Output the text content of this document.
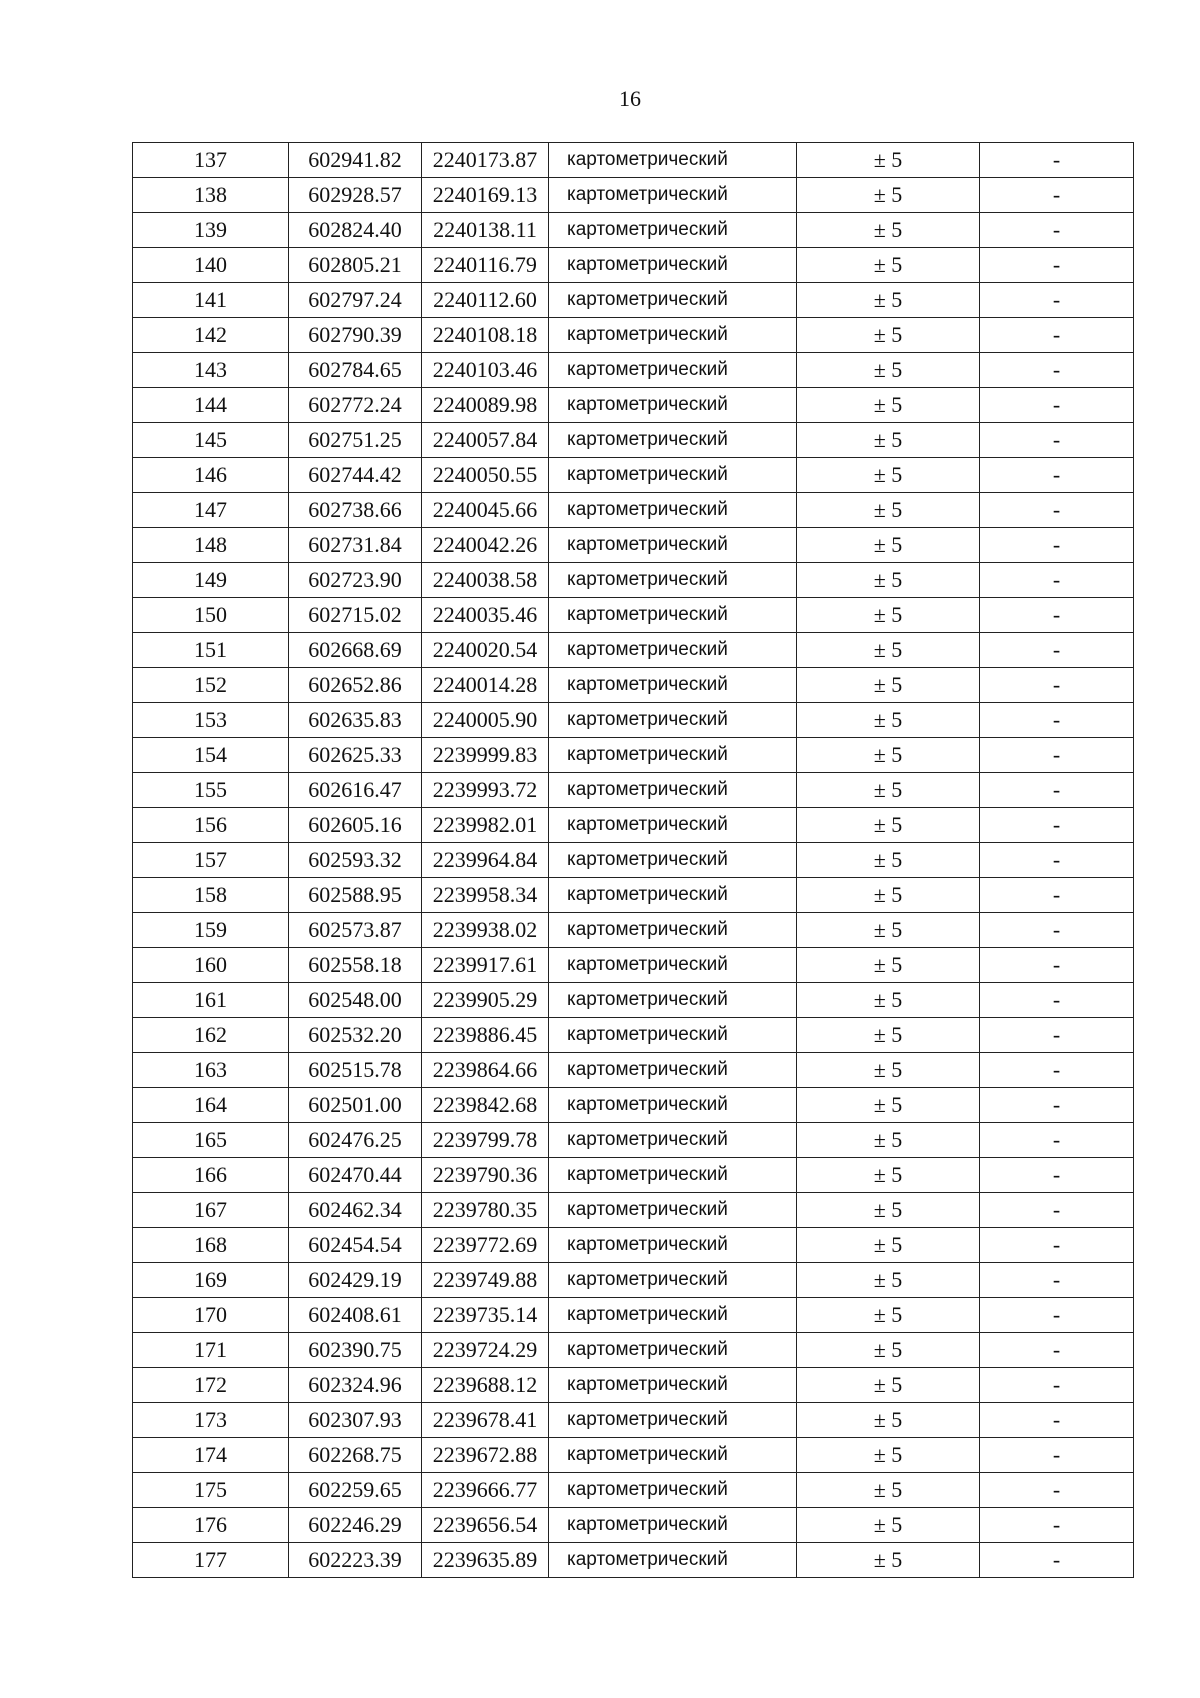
16
137	602941.82	2240173.87	картометрический	± 5	-
138	602928.57	2240169.13	картометрический	± 5	-
139	602824.40	2240138.11	картометрический	± 5	-
140	602805.21	2240116.79	картометрический	± 5	-
141	602797.24	2240112.60	картометрический	± 5	-
142	602790.39	2240108.18	картометрический	± 5	-
143	602784.65	2240103.46	картометрический	± 5	-
144	602772.24	2240089.98	картометрический	± 5	-
145	602751.25	2240057.84	картометрический	± 5	-
146	602744.42	2240050.55	картометрический	± 5	-
147	602738.66	2240045.66	картометрический	± 5	-
148	602731.84	2240042.26	картометрический	± 5	-
149	602723.90	2240038.58	картометрический	± 5	-
150	602715.02	2240035.46	картометрический	± 5	-
151	602668.69	2240020.54	картометрический	± 5	-
152	602652.86	2240014.28	картометрический	± 5	-
153	602635.83	2240005.90	картометрический	± 5	-
154	602625.33	2239999.83	картометрический	± 5	-
155	602616.47	2239993.72	картометрический	± 5	-
156	602605.16	2239982.01	картометрический	± 5	-
157	602593.32	2239964.84	картометрический	± 5	-
158	602588.95	2239958.34	картометрический	± 5	-
159	602573.87	2239938.02	картометрический	± 5	-
160	602558.18	2239917.61	картометрический	± 5	-
161	602548.00	2239905.29	картометрический	± 5	-
162	602532.20	2239886.45	картометрический	± 5	-
163	602515.78	2239864.66	картометрический	± 5	-
164	602501.00	2239842.68	картометрический	± 5	-
165	602476.25	2239799.78	картометрический	± 5	-
166	602470.44	2239790.36	картометрический	± 5	-
167	602462.34	2239780.35	картометрический	± 5	-
168	602454.54	2239772.69	картометрический	± 5	-
169	602429.19	2239749.88	картометрический	± 5	-
170	602408.61	2239735.14	картометрический	± 5	-
171	602390.75	2239724.29	картометрический	± 5	-
172	602324.96	2239688.12	картометрический	± 5	-
173	602307.93	2239678.41	картометрический	± 5	-
174	602268.75	2239672.88	картометрический	± 5	-
175	602259.65	2239666.77	картометрический	± 5	-
176	602246.29	2239656.54	картометрический	± 5	-
177	602223.39	2239635.89	картометрический	± 5	-
